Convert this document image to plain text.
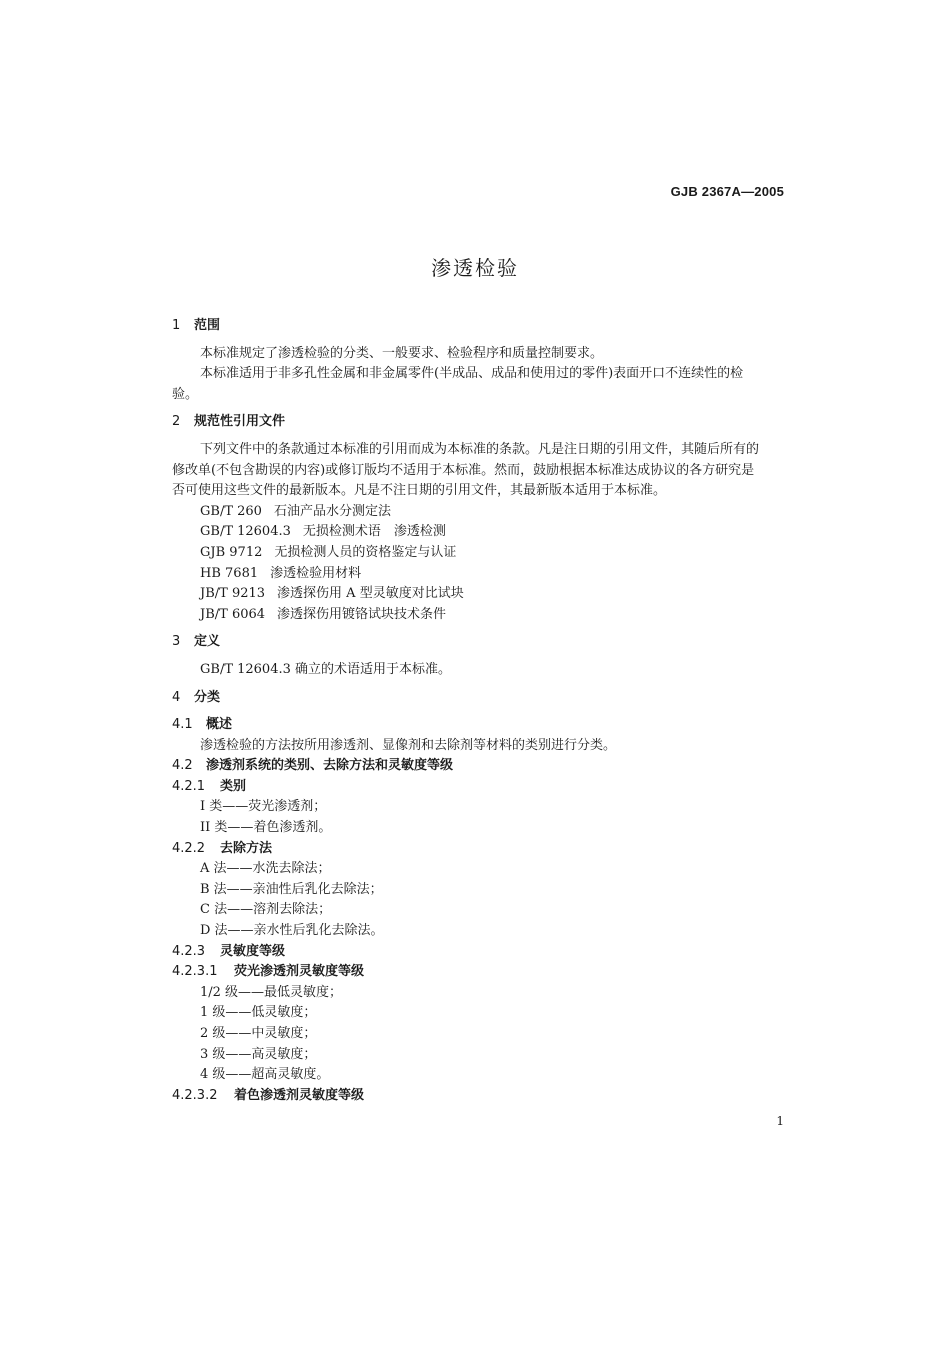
GJB 2367A—2005
渗透检验
1 范围
本标准规定了渗透检验的分类、一般要求、检验程序和质量控制要求。
本标准适用于非多孔性金属和非金属零件(半成品、成品和使用过的零件)表面开口不连续性的检
验。
2 规范性引用文件
下列文件中的条款通过本标准的引用而成为本标准的条款。凡是注日期的引用文件，其随后所有的
修改单(不包含勘误的内容)或修订版均不适用于本标准。然而，鼓励根据本标准达成协议的各方研究是
否可使用这些文件的最新版本。凡是不注日期的引用文件，其最新版本适用于本标准。
GB/T 260 石油产品水分测定法
GB/T 12604.3 无损检测术语　渗透检测
GJB 9712 无损检测人员的资格鉴定与认证
HB 7681 渗透检验用材料
JB/T 9213 渗透探伤用 A 型灵敏度对比试块
JB/T 6064 渗透探伤用镀铬试块技术条件
3 定义
GB/T 12604.3 确立的术语适用于本标准。
4 分类
4.1 概述
渗透检验的方法按所用渗透剂、显像剂和去除剂等材料的类别进行分类。
4.2 渗透剂系统的类别、去除方法和灵敏度等级
4.2.1 类别
I 类——荧光渗透剂；
II 类——着色渗透剂。
4.2.2 去除方法
A 法——水洗去除法；
B 法——亲油性后乳化去除法；
C 法——溶剂去除法；
D 法——亲水性后乳化去除法。
4.2.3 灵敏度等级
4.2.3.1 荧光渗透剂灵敏度等级
1/2 级——最低灵敏度；
1 级——低灵敏度；
2 级——中灵敏度；
3 级——高灵敏度；
4 级——超高灵敏度。
4.2.3.2 着色渗透剂灵敏度等级
1
